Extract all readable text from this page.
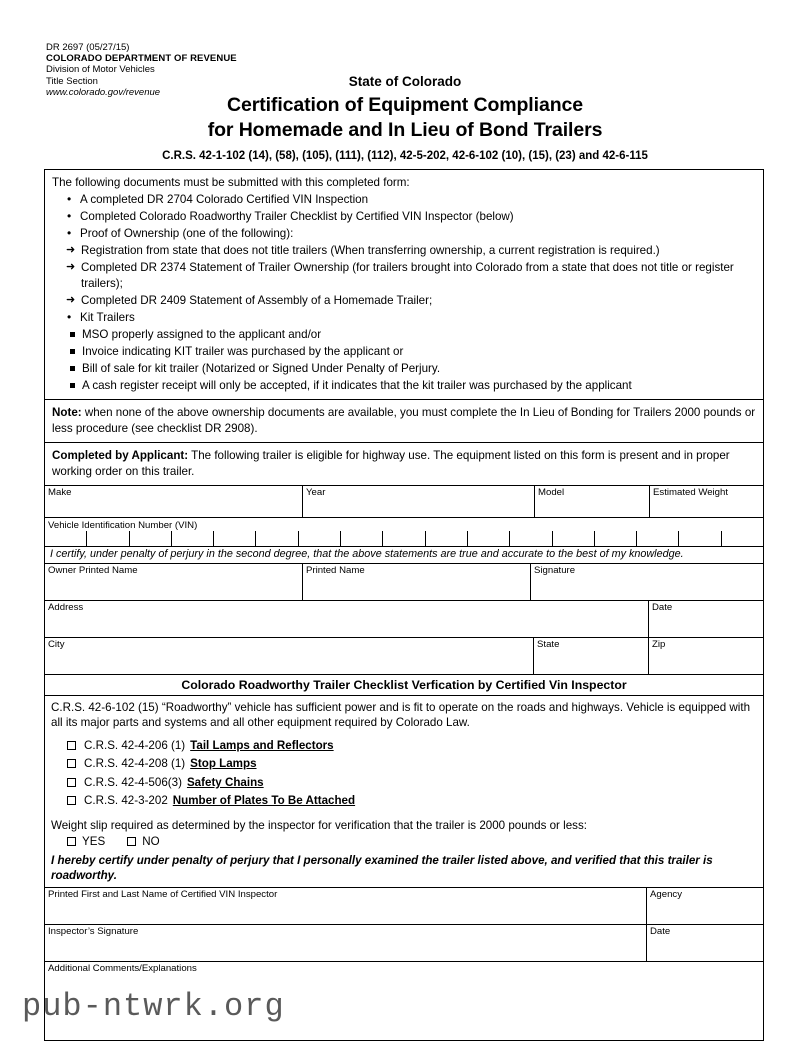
DR 2697 (05/27/15)
COLORADO DEPARTMENT OF REVENUE
Division of Motor Vehicles
Title Section
www.colorado.gov/revenue
State of Colorado
Certification of Equipment Compliance
for Homemade and In Lieu of Bond Trailers
C.R.S. 42-1-102 (14), (58), (105), (111), (112), 42-5-202, 42-6-102 (10), (15), (23) and 42-6-115
The following documents must be submitted with this completed form:
• A completed DR 2704 Colorado Certified VIN Inspection
• Completed Colorado Roadworthy Trailer Checklist by Certified VIN Inspector (below)
• Proof of Ownership (one of the following):
➜ Registration from state that does not title trailers (When transferring ownership, a current registration is required.)
➜ Completed DR 2374 Statement of Trailer Ownership (for trailers brought into Colorado from a state that does not title or register trailers);
➜ Completed DR 2409 Statement of Assembly of a Homemade Trailer;
• Kit Trailers
MSO properly assigned to the applicant and/or
Invoice indicating KIT trailer was purchased by the applicant or
Bill of sale for kit trailer (Notarized or Signed Under Penalty of Perjury.
A cash register receipt will only be accepted, if it indicates that the kit trailer was purchased by the applicant
Note: when none of the above ownership documents are available, you must complete the In Lieu of Bonding for Trailers 2000 pounds or less procedure (see checklist DR 2908).
Completed by Applicant: The following trailer is eligible for highway use. The equipment listed on this form is present and in proper working order on this trailer.
Make	Year	Model	Estimated Weight
Vehicle Identification Number (VIN)
I certify, under penalty of perjury in the second degree, that the above statements are true and accurate to the best of my knowledge.
Owner Printed Name	Printed Name	Signature
Address	Date
City	State	Zip
Colorado Roadworthy Trailer Checklist Verfication by Certified Vin Inspector
C.R.S. 42-6-102 (15) “Roadworthy” vehicle has sufficient power and is fit to operate on the roads and highways. Vehicle is equipped with all its major parts and systems and all other equipment required by Colorado Law.
C.R.S. 42-4-206 (1) Tail Lamps and Reflectors
C.R.S. 42-4-208 (1) Stop Lamps
C.R.S. 42-4-506(3) Safety Chains
C.R.S. 42-3-202 Number of Plates To Be Attached
Weight slip required as determined by the inspector for verification that the trailer is 2000 pounds or less:
YES	NO
I hereby certify under penalty of perjury that I personally examined the trailer listed above, and verified that this trailer is roadworthy.
Printed First and Last Name of Certified VIN Inspector	Agency
Inspector’s Signature	Date
Additional Comments/Explanations
pub-ntwrk.org
